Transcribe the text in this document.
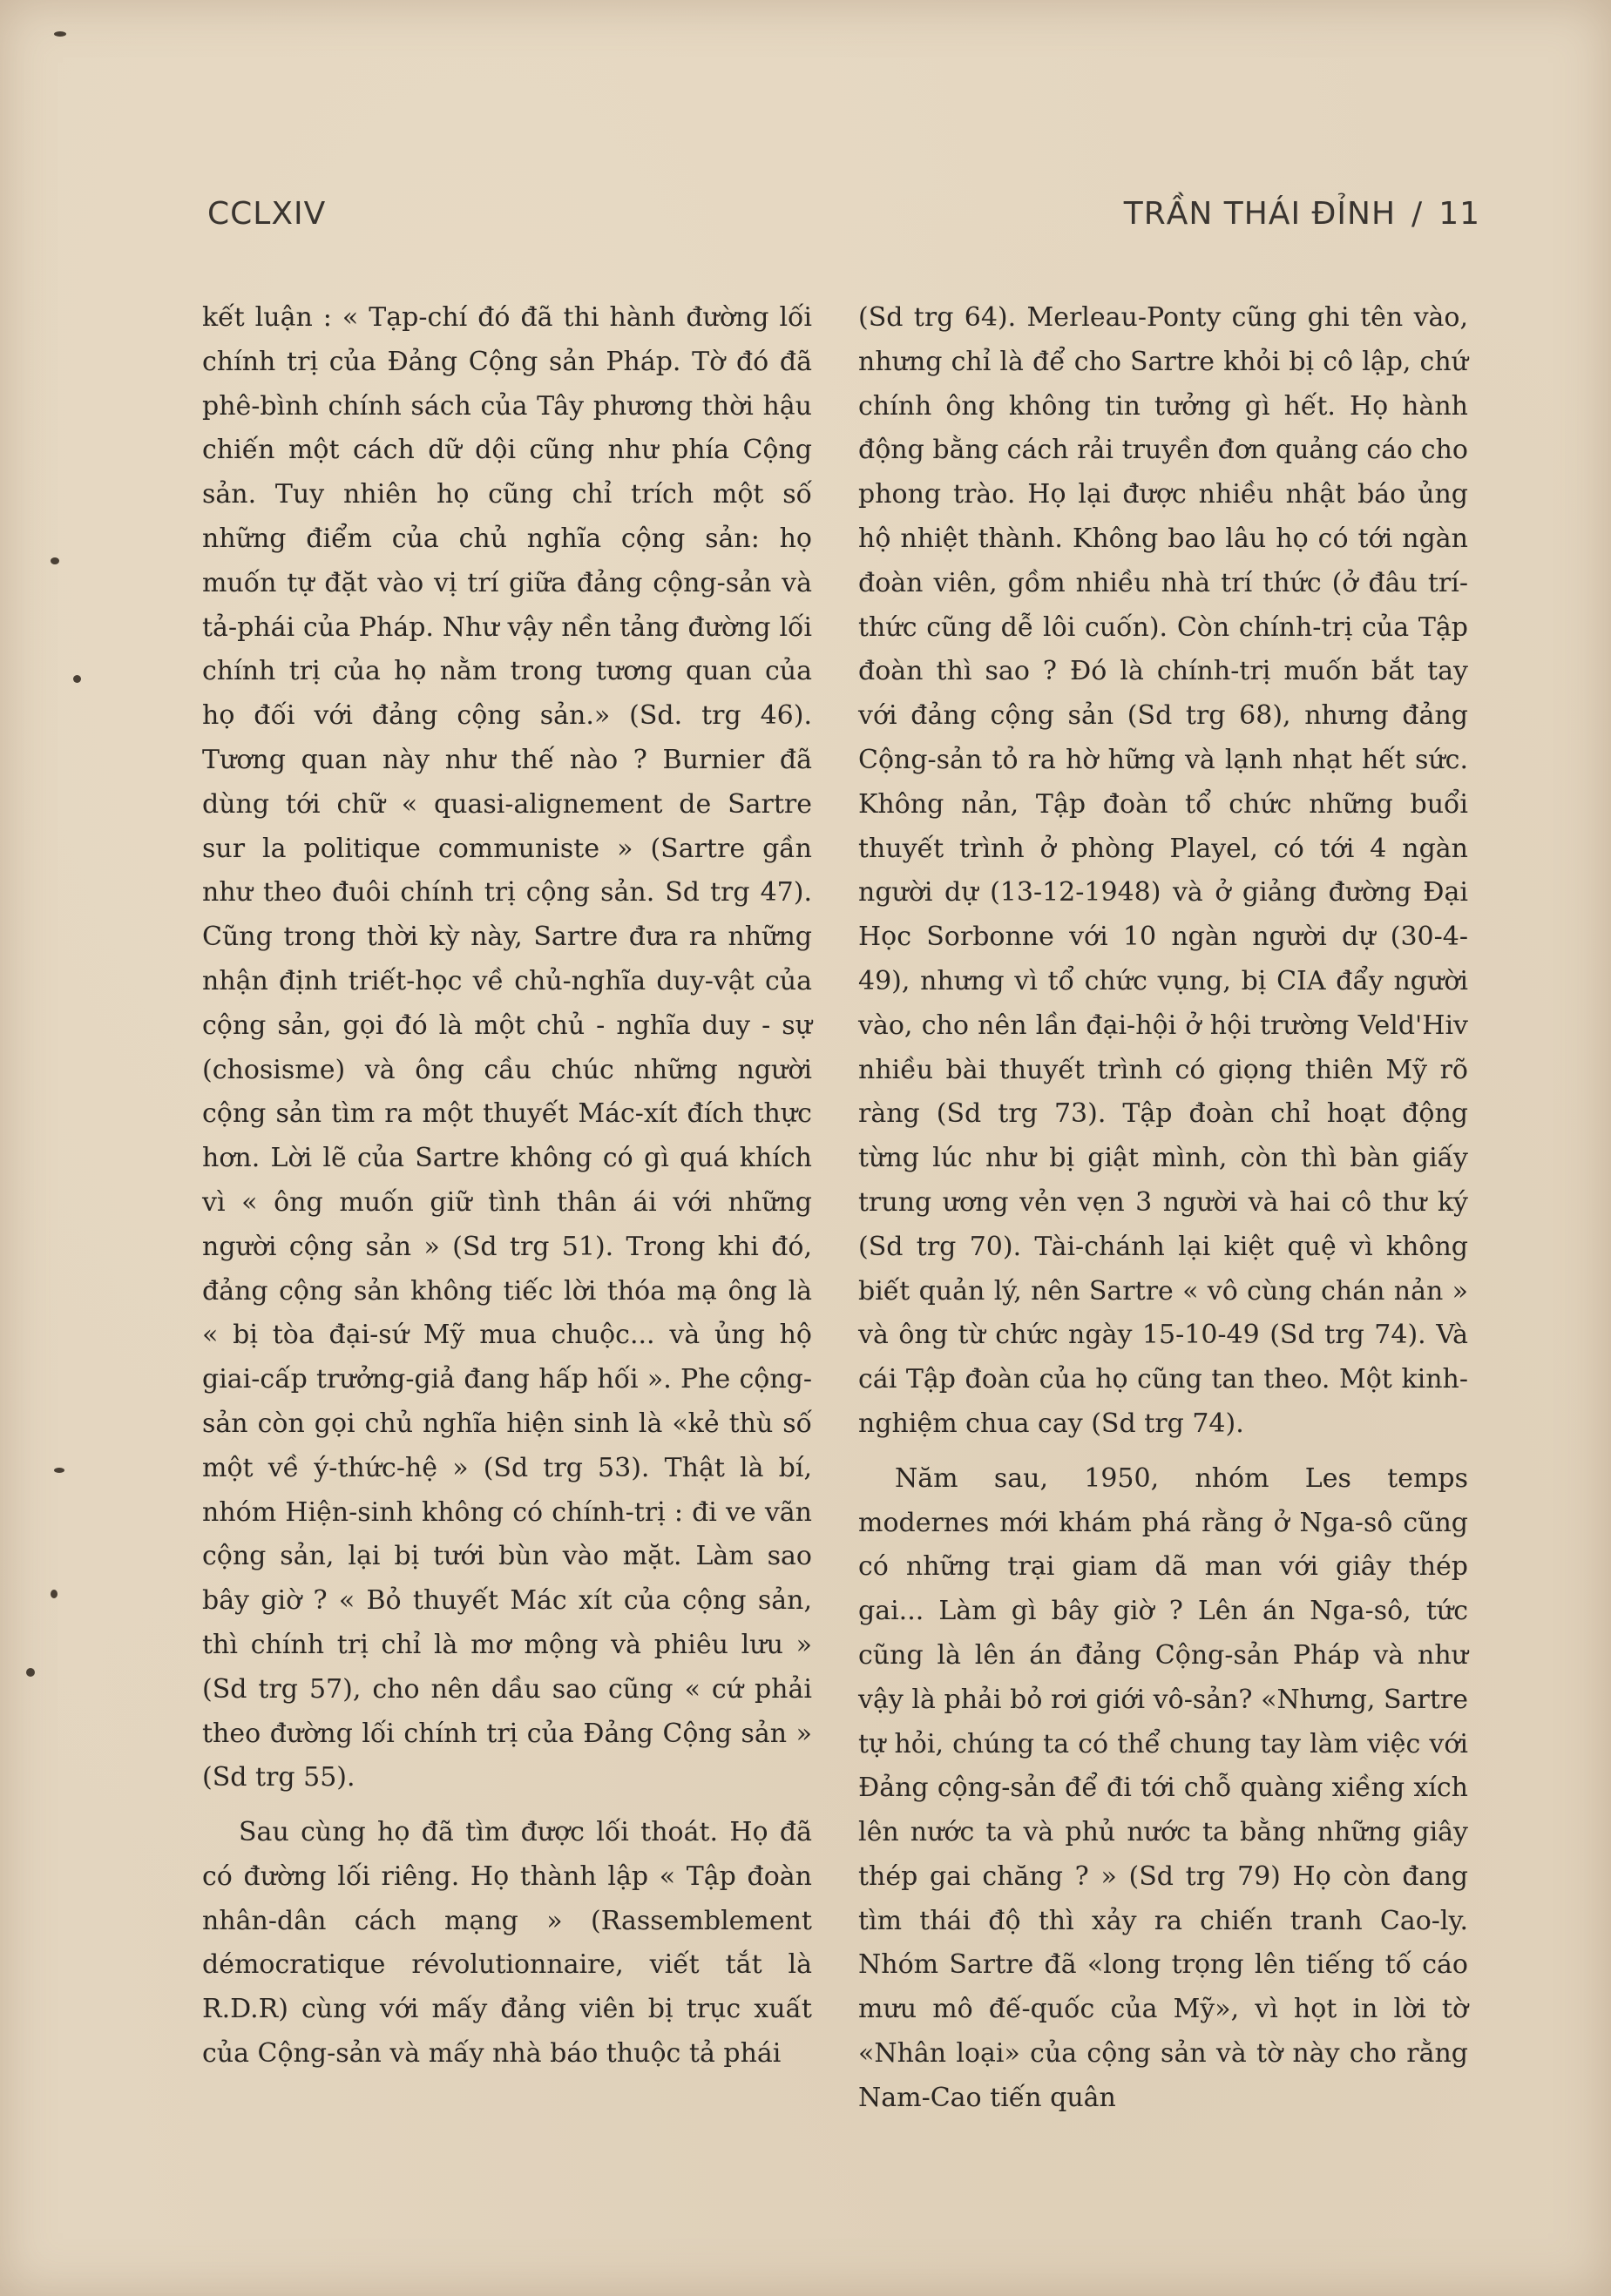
CCLXIV	TRẦN THÁI ĐỈNH / 11

kết luận : « Tạp-chí đó đã thi hành đường lối chính trị của Đảng Cộng sản Pháp. Tờ đó đã phê-bình chính sách của Tây phương thời hậu chiến một cách dữ dội cũng như phía Cộng sản. Tuy nhiên họ cũng chỉ trích một số những điểm của chủ nghĩa cộng sản: họ muốn tự đặt vào vị trí giữa đảng cộng-sản và tả-phái của Pháp. Như vậy nền tảng đường lối chính trị của họ nằm trong tương quan của họ đối với đảng cộng sản.» (Sd. trg 46). Tương quan này như thế nào ? Burnier đã dùng tới chữ « quasi-alignement de Sartre sur la politique communiste » (Sartre gần như theo đuôi chính trị cộng sản. Sd trg 47). Cũng trong thời kỳ này, Sartre đưa ra những nhận định triết-học về chủ-nghĩa duy-vật của cộng sản, gọi đó là một chủ - nghĩa duy - sự (chosisme) và ông cầu chúc những người cộng sản tìm ra một thuyết Mác-xít đích thực hơn. Lời lẽ của Sartre không có gì quá khích vì « ông muốn giữ tình thân ái với những người cộng sản » (Sd trg 51). Trong khi đó, đảng cộng sản không tiếc lời thóa mạ ông là « bị tòa đại-sứ Mỹ mua chuộc... và ủng hộ giai-cấp trưởng-giả đang hấp hối ». Phe cộng-sản còn gọi chủ nghĩa hiện sinh là «kẻ thù số một về ý-thức-hệ » (Sd trg 53). Thật là bí, nhóm Hiện-sinh không có chính-trị : đi ve vãn cộng sản, lại bị tưới bùn vào mặt. Làm sao bây giờ ? « Bỏ thuyết Mác xít của cộng sản, thì chính trị chỉ là mơ mộng và phiêu lưu » (Sd trg 57), cho nên dầu sao cũng « cứ phải theo đường lối chính trị của Đảng Cộng sản » (Sd trg 55).

Sau cùng họ đã tìm được lối thoát. Họ đã có đường lối riêng. Họ thành lập « Tập đoàn nhân-dân cách mạng » (Rassemblement démocratique révolutionnaire, viết tắt là R.D.R) cùng với mấy đảng viên bị trục xuất của Cộng-sản và mấy nhà báo thuộc tả phái

(Sd trg 64). Merleau-Ponty cũng ghi tên vào, nhưng chỉ là để cho Sartre khỏi bị cô lập, chứ chính ông không tin tưởng gì hết. Họ hành động bằng cách rải truyền đơn quảng cáo cho phong trào. Họ lại được nhiều nhật báo ủng hộ nhiệt thành. Không bao lâu họ có tới ngàn đoàn viên, gồm nhiều nhà trí thức (ở đâu trí-thức cũng dễ lôi cuốn). Còn chính-trị của Tập đoàn thì sao ? Đó là chính-trị muốn bắt tay với đảng cộng sản (Sd trg 68), nhưng đảng Cộng-sản tỏ ra hờ hững và lạnh nhạt hết sức. Không nản, Tập đoàn tổ chức những buổi thuyết trình ở phòng Playel, có tới 4 ngàn người dự (13-12-1948) và ở giảng đường Đại Học Sorbonne với 10 ngàn người dự (30-4-49), nhưng vì tổ chức vụng, bị CIA đẩy người vào, cho nên lần đại-hội ở hội trường Veld'Hiv nhiều bài thuyết trình có giọng thiên Mỹ rõ ràng (Sd trg 73). Tập đoàn chỉ hoạt động từng lúc như bị giật mình, còn thì bàn giấy trung ương vẻn vẹn 3 người và hai cô thư ký (Sd trg 70). Tài-chánh lại kiệt quệ vì không biết quản lý, nên Sartre « vô cùng chán nản » và ông từ chức ngày 15-10-49 (Sd trg 74). Và cái Tập đoàn của họ cũng tan theo. Một kinh-nghiệm chua cay (Sd trg 74).

Năm sau, 1950, nhóm Les temps modernes mới khám phá rằng ở Nga-sô cũng có những trại giam dã man với giây thép gai... Làm gì bây giờ ? Lên án Nga-sô, tức cũng là lên án đảng Cộng-sản Pháp và như vậy là phải bỏ rơi giới vô-sản? «Nhưng, Sartre tự hỏi, chúng ta có thể chung tay làm việc với Đảng cộng-sản để đi tới chỗ quàng xiềng xích lên nước ta và phủ nước ta bằng những giây thép gai chăng ? » (Sd trg 79) Họ còn đang tìm thái độ thì xảy ra chiến tranh Cao-ly. Nhóm Sartre đã «long trọng lên tiếng tố cáo mưu mô đế-quốc của Mỹ», vì họt in lời tờ «Nhân loại» của cộng sản và tờ này cho rằng Nam-Cao tiến quân
